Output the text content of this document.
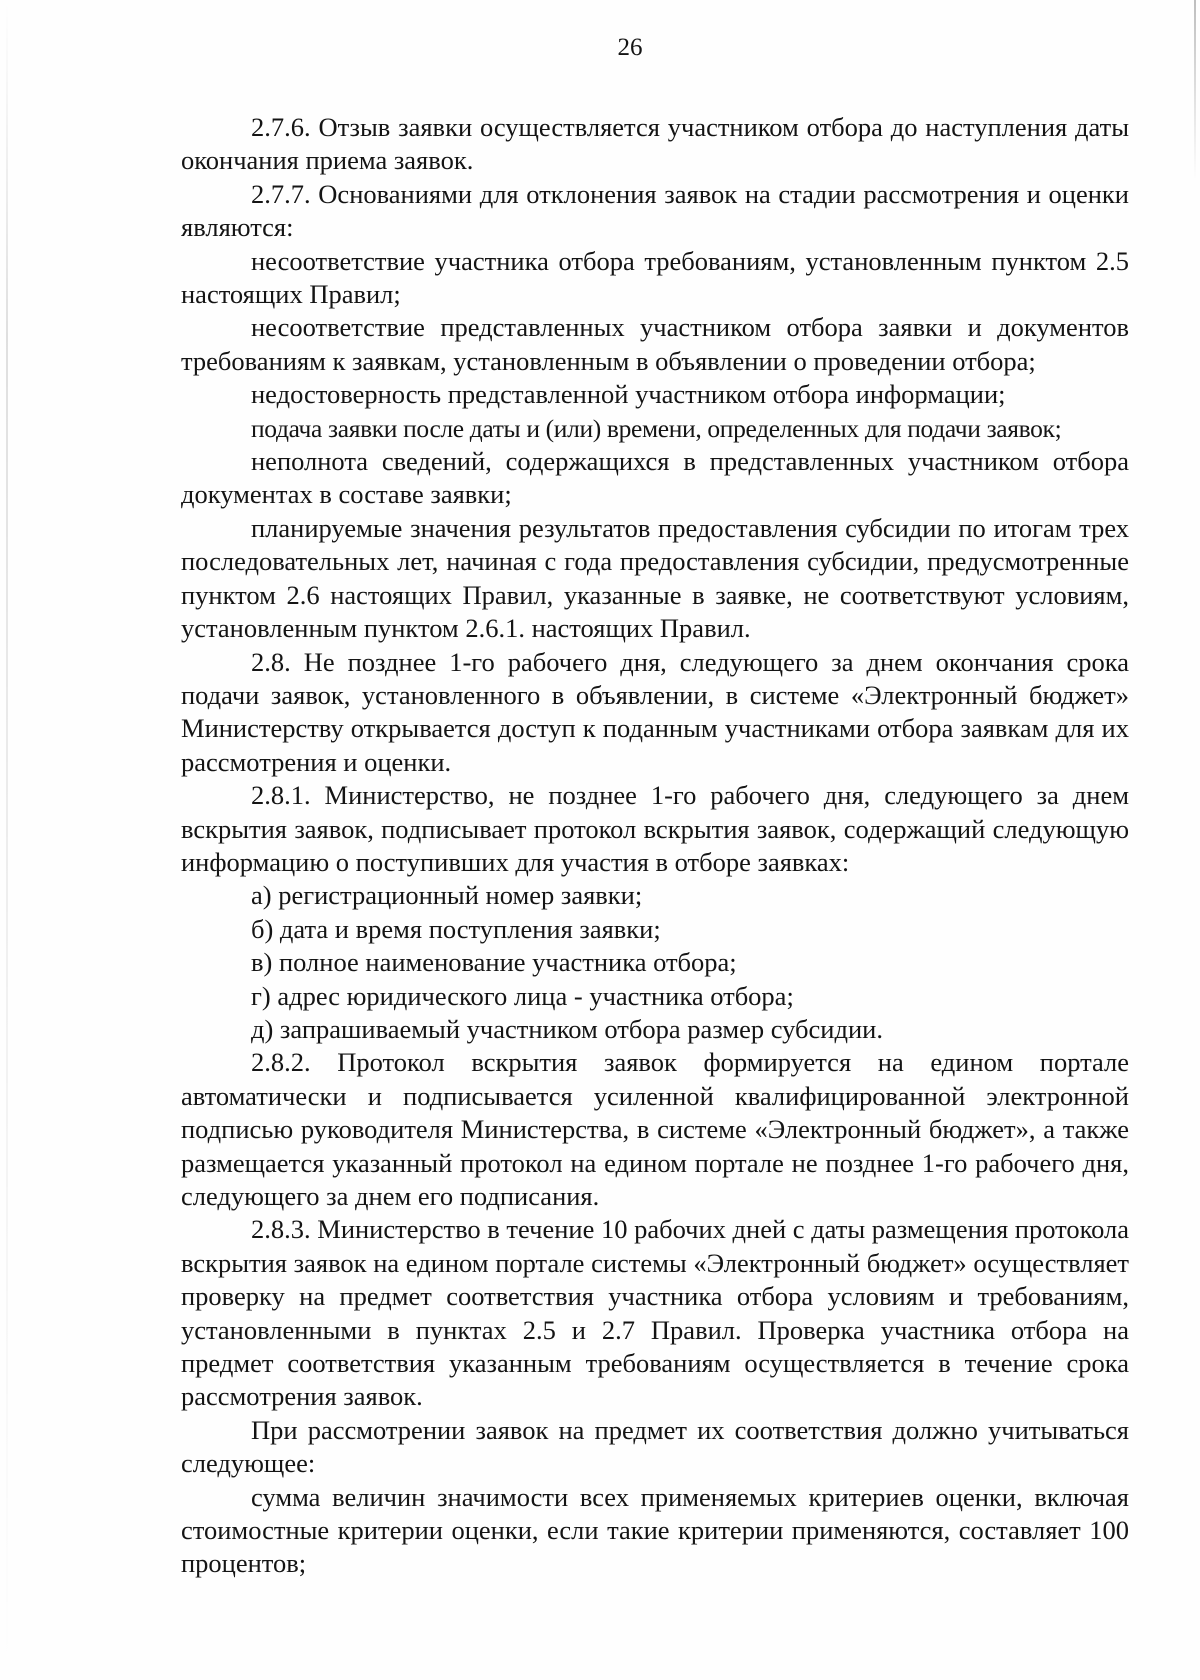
26

2.7.6. Отзыв заявки осуществляется участником отбора до наступления даты окончания приема заявок.

2.7.7. Основаниями для отклонения заявок на стадии рассмотрения и оценки являются:

несоответствие участника отбора требованиям, установленным пунктом 2.5 настоящих Правил;

несоответствие представленных участником отбора заявки и документов требованиям к заявкам, установленным в объявлении о проведении отбора;

недостоверность представленной участником отбора информации;

подача заявки после даты и (или) времени, определенных для подачи заявок;

неполнота сведений, содержащихся в представленных участником отбора документах в составе заявки;

планируемые значения результатов предоставления субсидии по итогам трех последовательных лет, начиная с года предоставления субсидии, предусмотренные пунктом 2.6 настоящих Правил, указанные в заявке, не соответствуют условиям, установленным пунктом 2.6.1. настоящих Правил.

2.8. Не позднее 1-го рабочего дня, следующего за днем окончания срока подачи заявок, установленного в объявлении, в системе «Электронный бюджет» Министерству открывается доступ к поданным участниками отбора заявкам для их рассмотрения и оценки.

2.8.1. Министерство, не позднее 1-го рабочего дня, следующего за днем вскрытия заявок, подписывает протокол вскрытия заявок, содержащий следующую информацию о поступивших для участия в отборе заявках:

а) регистрационный номер заявки;

б) дата и время поступления заявки;

в) полное наименование участника отбора;

г) адрес юридического лица - участника отбора;

д) запрашиваемый участником отбора размер субсидии.

2.8.2. Протокол вскрытия заявок формируется на едином портале автоматически и подписывается усиленной квалифицированной электронной подписью руководителя Министерства, в системе «Электронный бюджет», а также размещается указанный протокол на едином портале не позднее 1-го рабочего дня, следующего за днем его подписания.

2.8.3. Министерство в течение 10 рабочих дней с даты размещения протокола вскрытия заявок на едином портале системы «Электронный бюджет» осуществляет проверку на предмет соответствия участника отбора условиям и требованиям, установленными в пунктах 2.5 и 2.7 Правил. Проверка участника отбора на предмет соответствия указанным требованиям осуществляется в течение срока рассмотрения заявок.

При рассмотрении заявок на предмет их соответствия должно учитываться следующее:

сумма величин значимости всех применяемых критериев оценки, включая стоимостные критерии оценки, если такие критерии применяются, составляет 100 процентов;
